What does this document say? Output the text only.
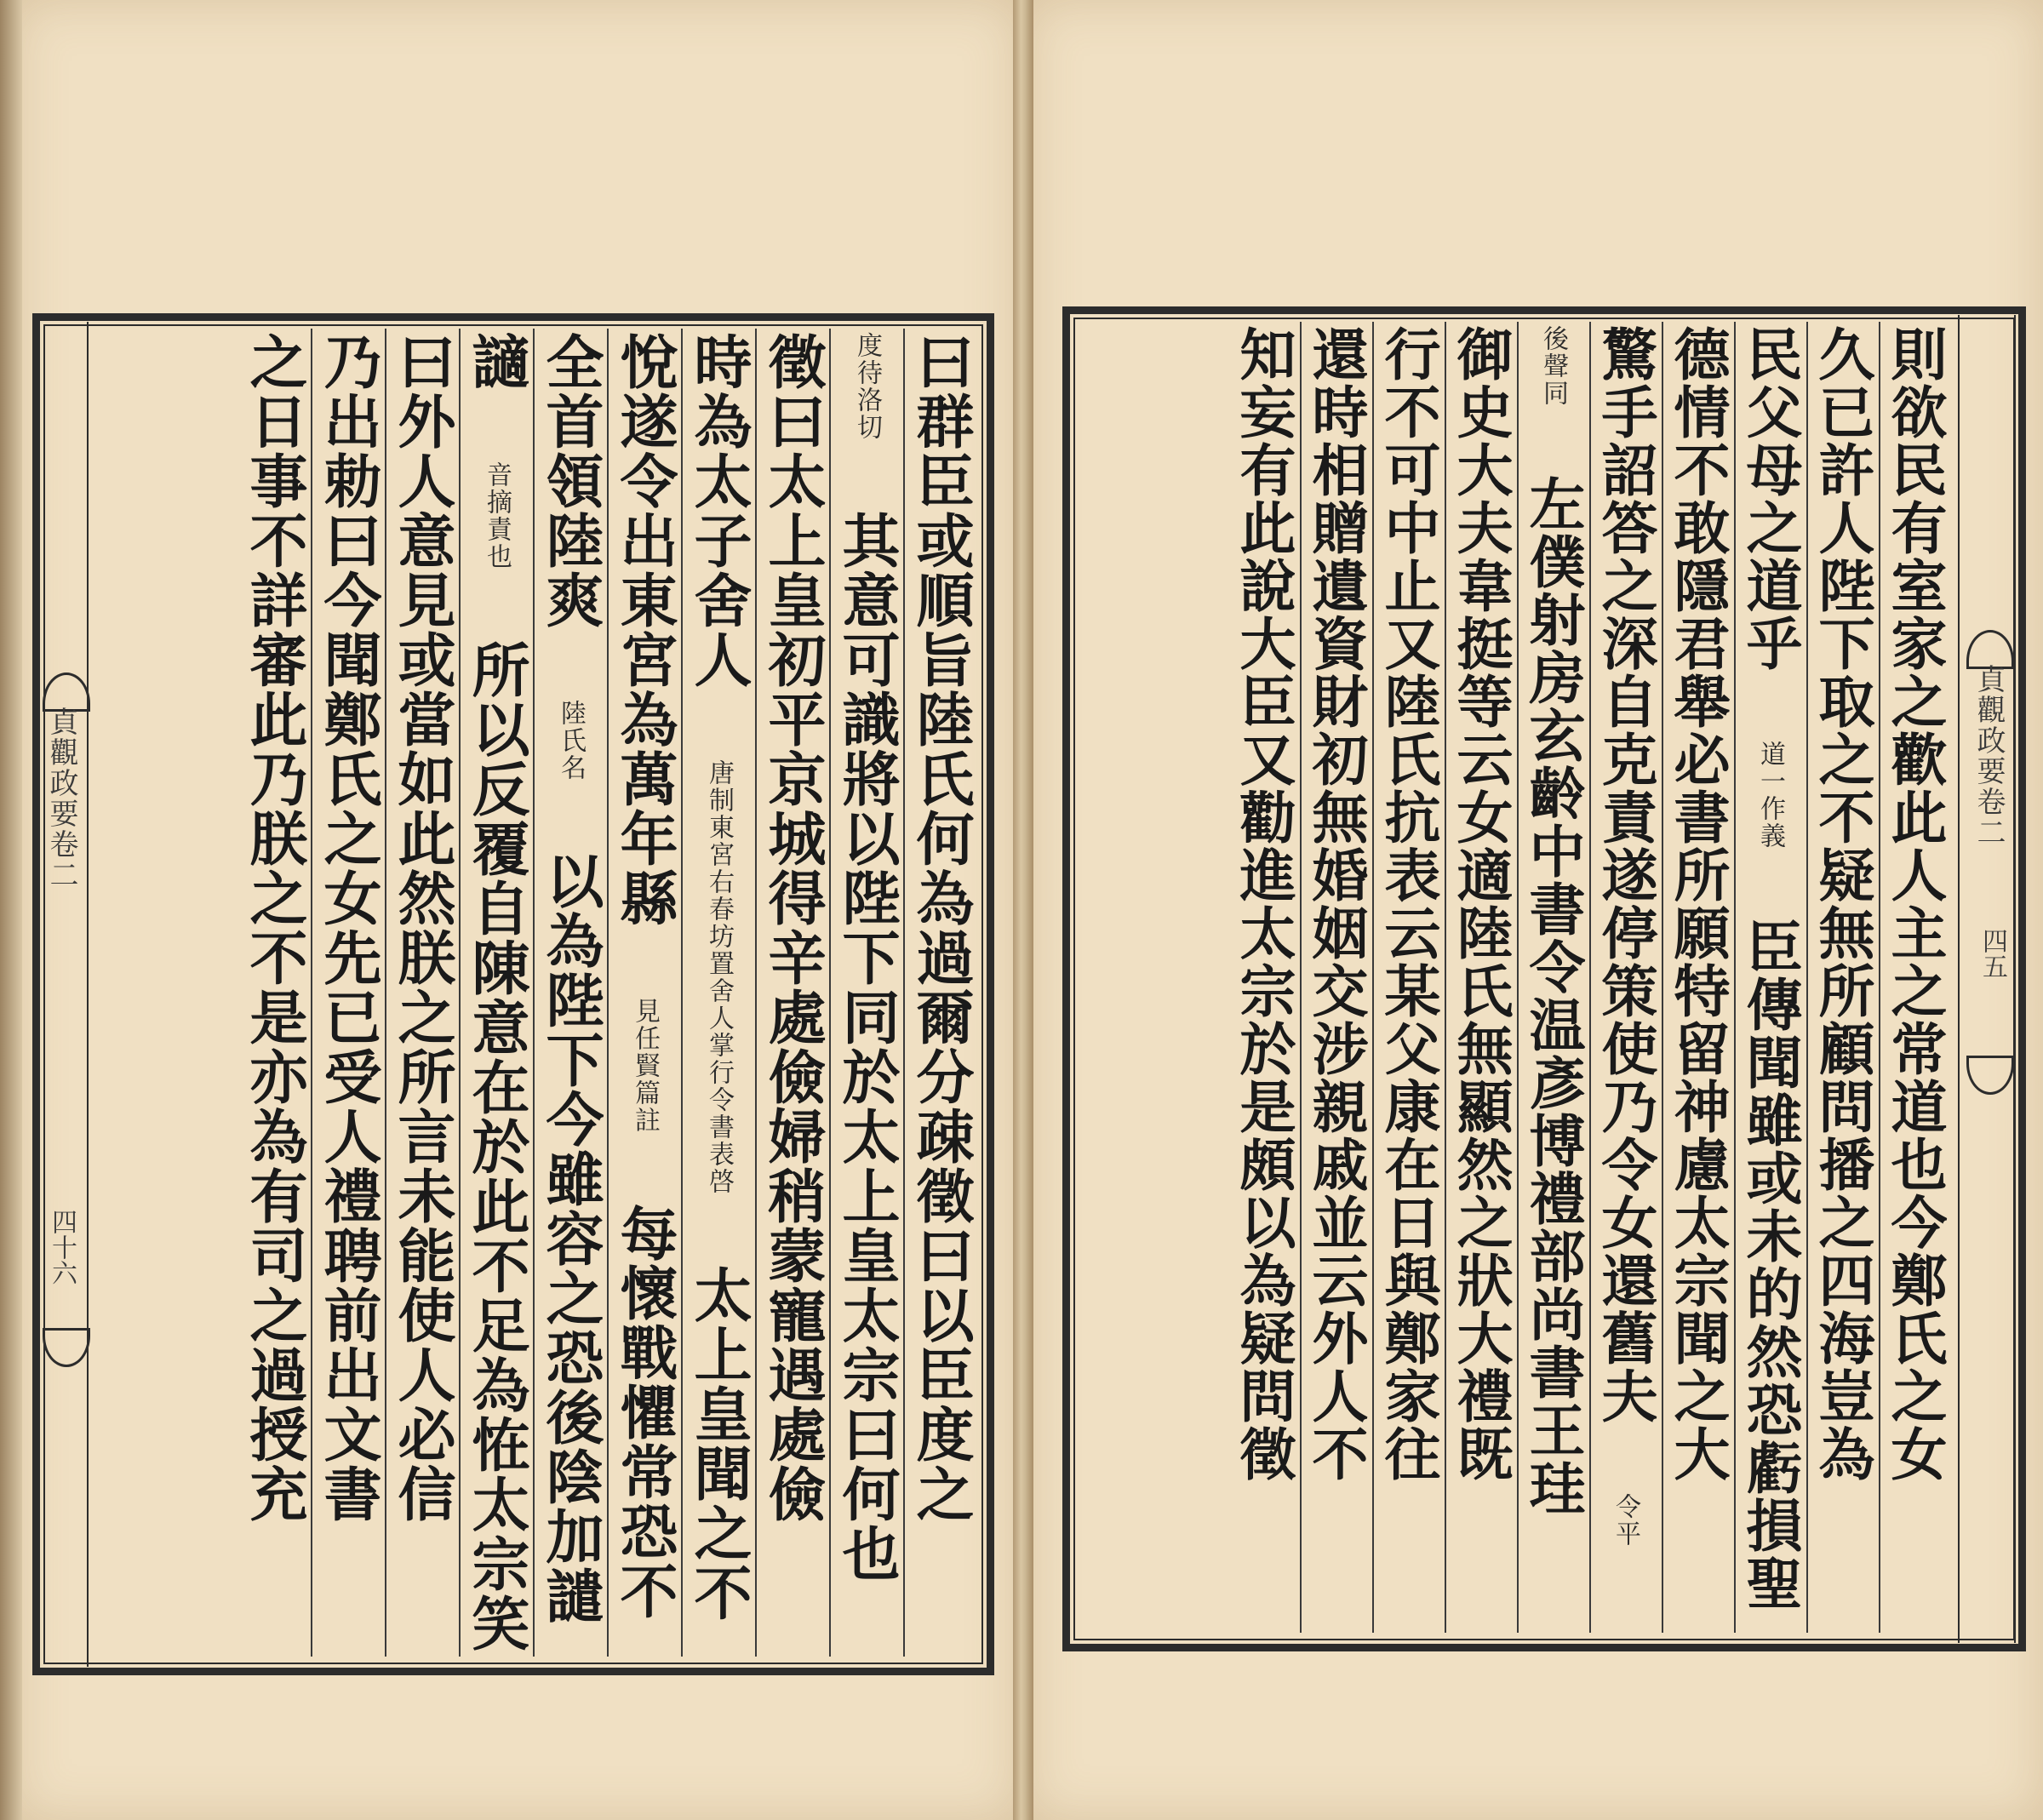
貞觀政要卷二
四十六	曰群臣或順旨陸氏何為過爾分疎徵曰以臣度之
度待洛切 其意可識將以陛下同於太上皇太宗曰何也
徵曰太上皇初平京城得辛處儉婦稍蒙寵遇處儉
時為太子舍人 唐制東宮右春坊置舍人掌行令書表啓 太上皇聞之不
悅遂令出東宮為萬年縣 見任賢篇註 每懷戰懼常恐不
全首領陸爽 陸氏名 以為陛下今雖容之恐後陰加譴
讁 音摘責也 所以反覆自陳意在於此不足為恠太宗笑
曰外人意見或當如此然朕之所言未能使人必信
乃出勅曰今聞鄭氏之女先已受人禮聘前出文書
之日事不詳審此乃朕之不是亦為有司之過授充	貞觀政要卷二
四五
則欲民有室家之歡此人主之常道也今鄭氏之女
久已許人陛下取之不疑無所顧問播之四海豈為
民父母之道乎 道一作義 臣傳聞雖或未的然恐虧損聖
德情不敢隱君舉必書所願特留神慮太宗聞之大
驚手詔答之深自克責遂停策使乃令女還舊夫 令平
後聲同 左僕射房玄齡中書令温彥博禮部尚書王珪
御史大夫韋挺等云女適陸氏無顯然之狀大禮既
行不可中止又陸氏抗表云某父康在日與鄭家往
還時相贈遺資財初無婚姻交涉親戚並云外人不
知妄有此說大臣又勸進太宗於是頗以為疑問徵
